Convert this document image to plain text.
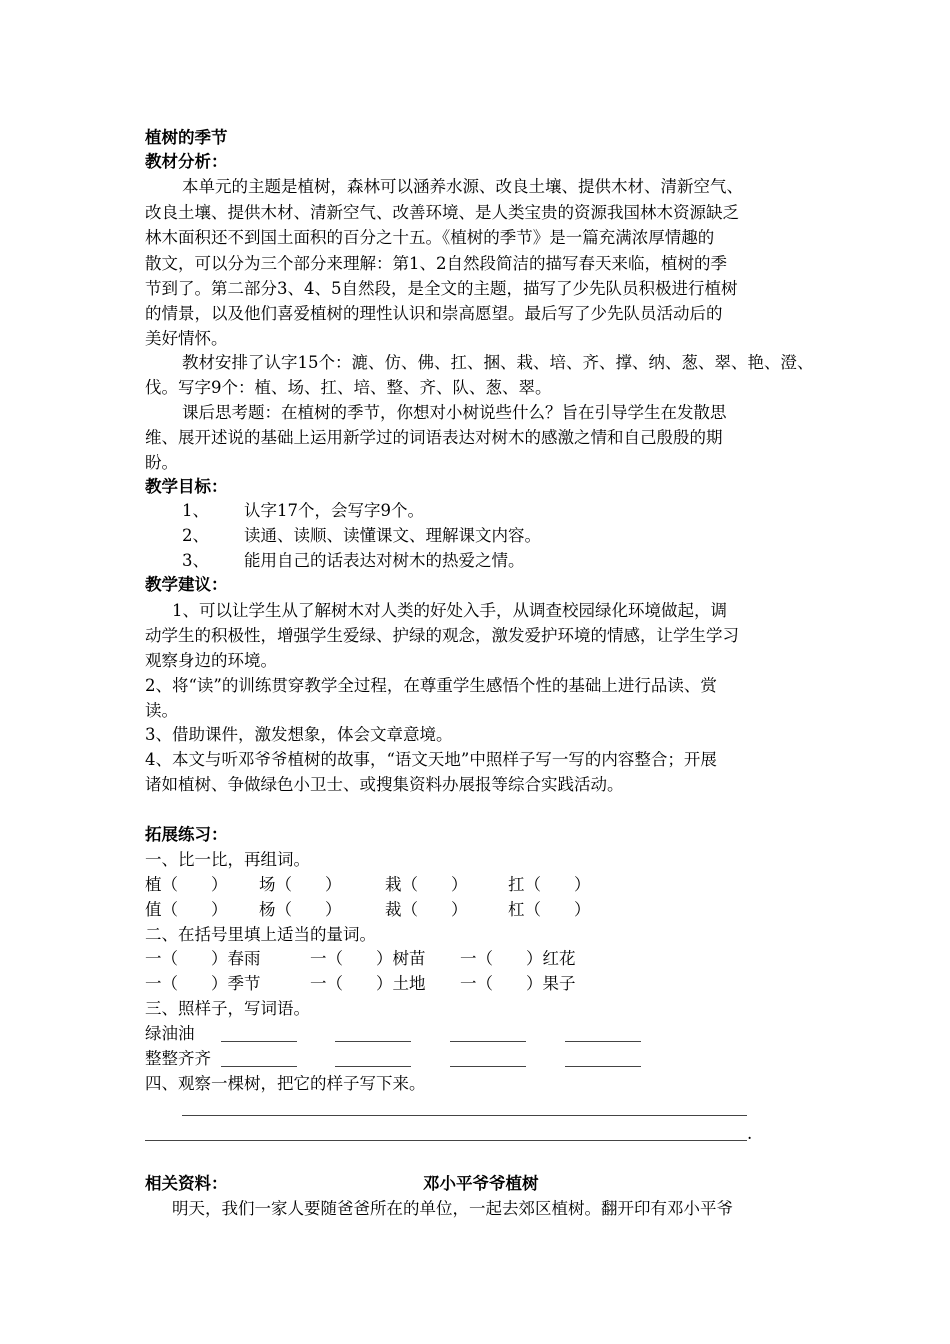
植树的季节
教材分析：
本单元的主题是植树，森林可以涵养水源、改良土壤、提供木材、清新空气、
改良土壤、提供木材、清新空气、改善环境、是人类宝贵的资源我国林木资源缺乏
林木面积还不到国土面积的百分之十五。《植树的季节》是一篇充满浓厚情趣的
散文，可以分为三个部分来理解：第1、2自然段简洁的描写春天来临，植树的季
节到了。第二部分3、4、5自然段，是全文的主题，描写了少先队员积极进行植树
的情景，以及他们喜爱植树的理性认识和崇高愿望。最后写了少先队员活动后的
美好情怀。
教材安排了认字15个：漉、仿、佛、扛、捆、栽、培、齐、撑、纳、葱、翠、艳、澄、
伐。写字9个：植、场、扛、培、整、齐、队、葱、翠。
课后思考题：在植树的季节，你想对小树说些什么？旨在引导学生在发散思
维、展开述说的基础上运用新学过的词语表达对树木的感激之情和自己殷殷的期
盼。
教学目标：
1、 认字17个，会写字9个。
2、 读通、读顺、读懂课文、理解课文内容。
3、 能用自己的话表达对树木的热爱之情。
教学建议：
1、可以让学生从了解树木对人类的好处入手，从调查校园绿化环境做起，调
动学生的积极性，增强学生爱绿、护绿的观念，激发爱护环境的情感，让学生学习
观察身边的环境。
2、将“读”的训练贯穿教学全过程，在尊重学生感悟个性的基础上进行品读、赏
读。
3、借助课件，激发想象，体会文章意境。
4、本文与听邓爷爷植树的故事，“语文天地”中照样子写一写的内容整合；开展
诸如植树、争做绿色小卫士、或搜集资料办展报等综合实践活动。
拓展练习：
一、比一比，再组词。
植（　　） 场（　　）	栽（　　） 扛（　　）
值（　　） 杨（　　）	裁（　　） 杠（　　）
二、在括号里填上适当的量词。
一（　　）春雨	一（　　）树苗 一（　　）红花
一（　　）季节	一（　　）土地 一（　　）果子
三、照样子，写词语。
绿油油
整整齐齐
四、观察一棵树，把它的样子写下来。
.
相关资料：	邓小平爷爷植树
明天，我们一家人要随爸爸所在的单位，一起去郊区植树。翻开印有邓小平爷
